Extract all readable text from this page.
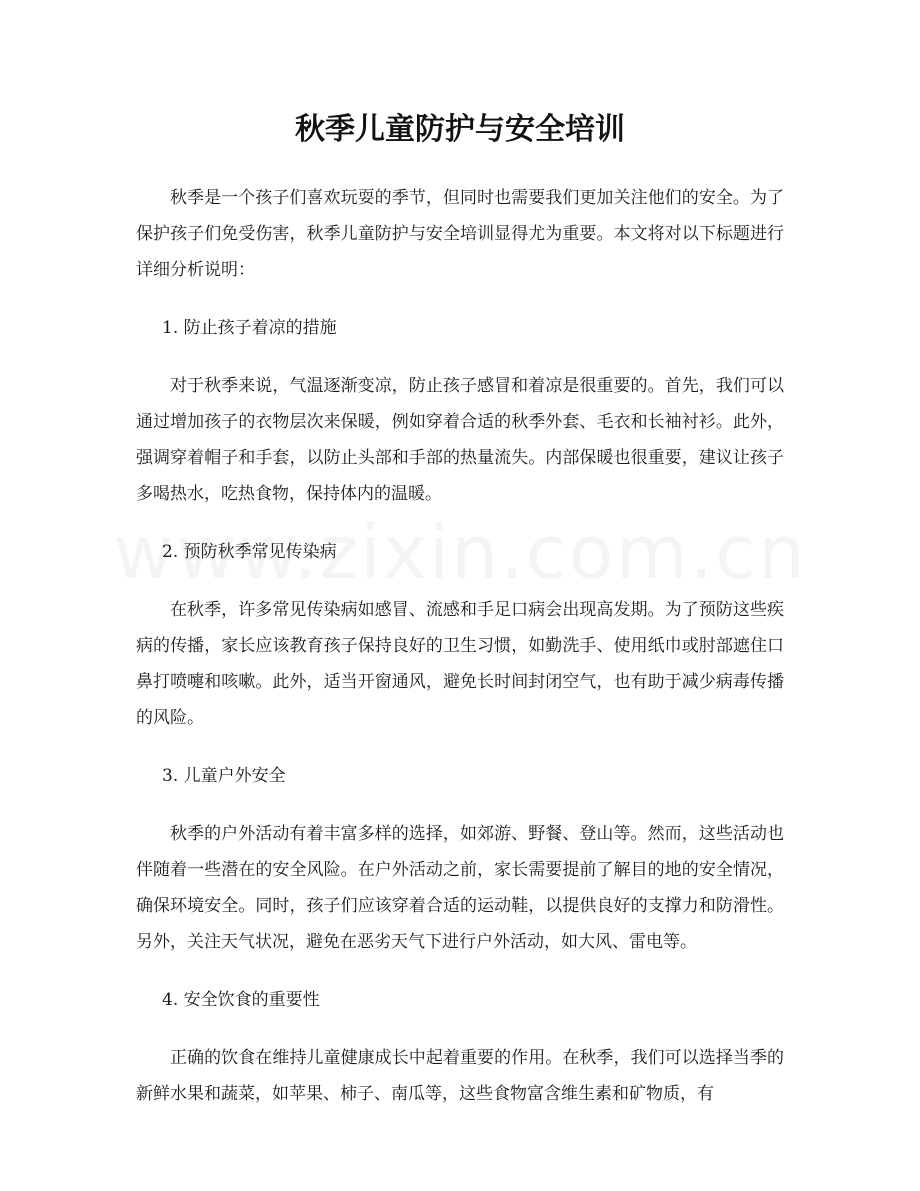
秋季儿童防护与安全培训

秋季是一个孩子们喜欢玩耍的季节，但同时也需要我们更加关注他们的安全。为了保护孩子们免受伤害，秋季儿童防护与安全培训显得尤为重要。本文将对以下标题进行详细分析说明：

1. 防止孩子着凉的措施

对于秋季来说，气温逐渐变凉，防止孩子感冒和着凉是很重要的。首先，我们可以通过增加孩子的衣物层次来保暖，例如穿着合适的秋季外套、毛衣和长袖衬衫。此外，强调穿着帽子和手套，以防止头部和手部的热量流失。内部保暖也很重要，建议让孩子多喝热水，吃热食物，保持体内的温暖。

2. 预防秋季常见传染病

在秋季，许多常见传染病如感冒、流感和手足口病会出现高发期。为了预防这些疾病的传播，家长应该教育孩子保持良好的卫生习惯，如勤洗手、使用纸巾或肘部遮住口鼻打喷嚏和咳嗽。此外，适当开窗通风，避免长时间封闭空气，也有助于减少病毒传播的风险。

3. 儿童户外安全

秋季的户外活动有着丰富多样的选择，如郊游、野餐、登山等。然而，这些活动也伴随着一些潜在的安全风险。在户外活动之前，家长需要提前了解目的地的安全情况，确保环境安全。同时，孩子们应该穿着合适的运动鞋，以提供良好的支撑力和防滑性。另外，关注天气状况，避免在恶劣天气下进行户外活动，如大风、雷电等。

4. 安全饮食的重要性

正确的饮食在维持儿童健康成长中起着重要的作用。在秋季，我们可以选择当季的新鲜水果和蔬菜，如苹果、柿子、南瓜等，这些食物富含维生素和矿物质，有
